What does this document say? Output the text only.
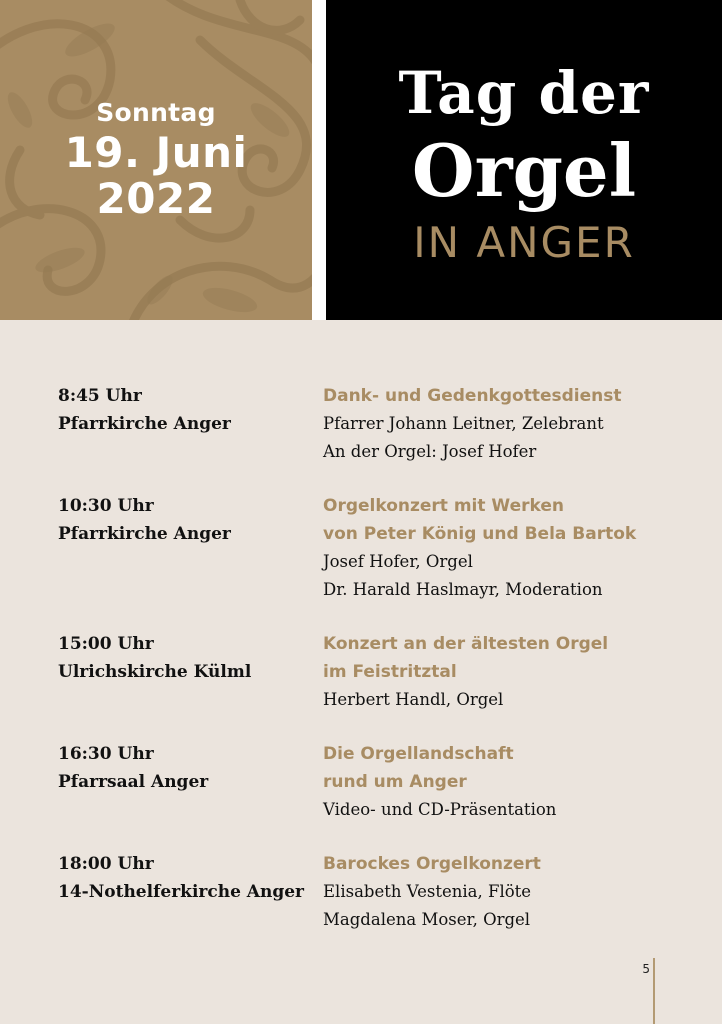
Sonntag
19. Juni
2022
Tag der
Orgel
IN ANGER
8:45 Uhr
Pfarrkirche Anger
Dank- und Gedenkgottesdienst
Pfarrer Johann Leitner, Zelebrant
An der Orgel: Josef Hofer
10:30 Uhr
Pfarrkirche Anger
Orgelkonzert mit Werken
von Peter König und Bela Bartok
Josef Hofer, Orgel
Dr. Harald Haslmayr, Moderation
15:00 Uhr
Ulrichskirche Külml
Konzert an der ältesten Orgel
im Feistritztal
Herbert Handl, Orgel
16:30 Uhr
Pfarrsaal Anger
Die Orgellandschaft
rund um Anger
Video- und CD-Präsentation
18:00 Uhr
14-Nothelferkirche Anger
Barockes Orgelkonzert
Elisabeth Vestenia, Flöte
Magdalena Moser, Orgel
5
